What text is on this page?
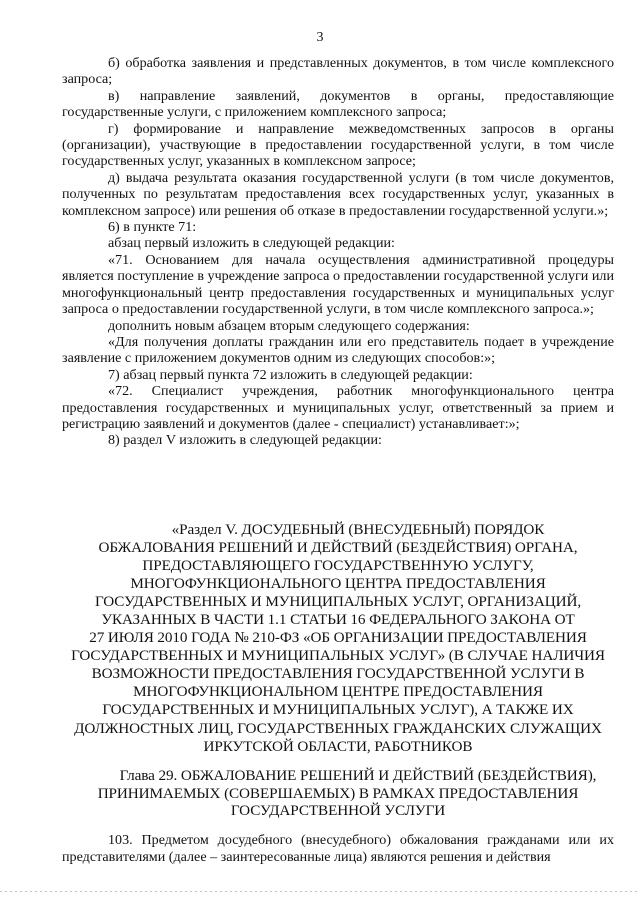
3

б) обработка заявления и представленных документов, в том числе комплексного запроса;

в) направление заявлений, документов в органы, предоставляющие государственные услуги, с приложением комплексного запроса;

г) формирование и направление межведомственных запросов в органы (организации), участвующие в предоставлении государственной услуги, в том числе государственных услуг, указанных в комплексном запросе;

д) выдача результата оказания государственной услуги (в том числе документов, полученных по результатам предоставления всех государственных услуг, указанных в комплексном запросе) или решения об отказе в предоставлении государственной услуги.»;

6) в пункте 71:

абзац первый изложить в следующей редакции:

«71. Основанием для начала осуществления административной процедуры является поступление в учреждение запроса о предоставлении государственной услуги или многофункциональный центр предоставления государственных и муниципальных услуг запроса о предоставлении государственной услуги, в том числе комплексного запроса.»;

дополнить новым абзацем вторым следующего содержания:

«Для получения доплаты гражданин или его представитель подает в учреждение заявление с приложением документов одним из следующих способов:»;

7) абзац первый пункта 72 изложить в следующей редакции:

«72. Специалист учреждения, работник многофункционального центра предоставления государственных и муниципальных услуг, ответственный за прием и регистрацию заявлений и документов (далее - специалист) устанавливает:»;

8) раздел V изложить в следующей редакции:

«Раздел V. ДОСУДЕБНЫЙ (ВНЕСУДЕБНЫЙ) ПОРЯДОК
ОБЖАЛОВАНИЯ РЕШЕНИЙ И ДЕЙСТВИЙ (БЕЗДЕЙСТВИЯ) ОРГАНА,
ПРЕДОСТАВЛЯЮЩЕГО ГОСУДАРСТВЕННУЮ УСЛУГУ,
МНОГОФУНКЦИОНАЛЬНОГО ЦЕНТРА ПРЕДОСТАВЛЕНИЯ
ГОСУДАРСТВЕННЫХ И МУНИЦИПАЛЬНЫХ УСЛУГ, ОРГАНИЗАЦИЙ,
УКАЗАННЫХ В ЧАСТИ 1.1 СТАТЬИ 16 ФЕДЕРАЛЬНОГО ЗАКОНА ОТ
27 ИЮЛЯ 2010 ГОДА № 210-ФЗ «ОБ ОРГАНИЗАЦИИ ПРЕДОСТАВЛЕНИЯ
ГОСУДАРСТВЕННЫХ И МУНИЦИПАЛЬНЫХ УСЛУГ» (В СЛУЧАЕ НАЛИЧИЯ
ВОЗМОЖНОСТИ ПРЕДОСТАВЛЕНИЯ ГОСУДАРСТВЕННОЙ УСЛУГИ В
МНОГОФУНКЦИОНАЛЬНОМ ЦЕНТРЕ ПРЕДОСТАВЛЕНИЯ
ГОСУДАРСТВЕННЫХ И МУНИЦИПАЛЬНЫХ УСЛУГ), А ТАКЖЕ ИХ
ДОЛЖНОСТНЫХ ЛИЦ, ГОСУДАРСТВЕННЫХ ГРАЖДАНСКИХ СЛУЖАЩИХ
ИРКУТСКОЙ ОБЛАСТИ, РАБОТНИКОВ
Глава 29. ОБЖАЛОВАНИЕ РЕШЕНИЙ И ДЕЙСТВИЙ (БЕЗДЕЙСТВИЯ),
ПРИНИМАЕМЫХ (СОВЕРШАЕМЫХ) В РАМКАХ ПРЕДОСТАВЛЕНИЯ
ГОСУДАРСТВЕННОЙ УСЛУГИ

103. Предметом досудебного (внесудебного) обжалования гражданами или их представителями (далее – заинтересованные лица) являются решения и действия
